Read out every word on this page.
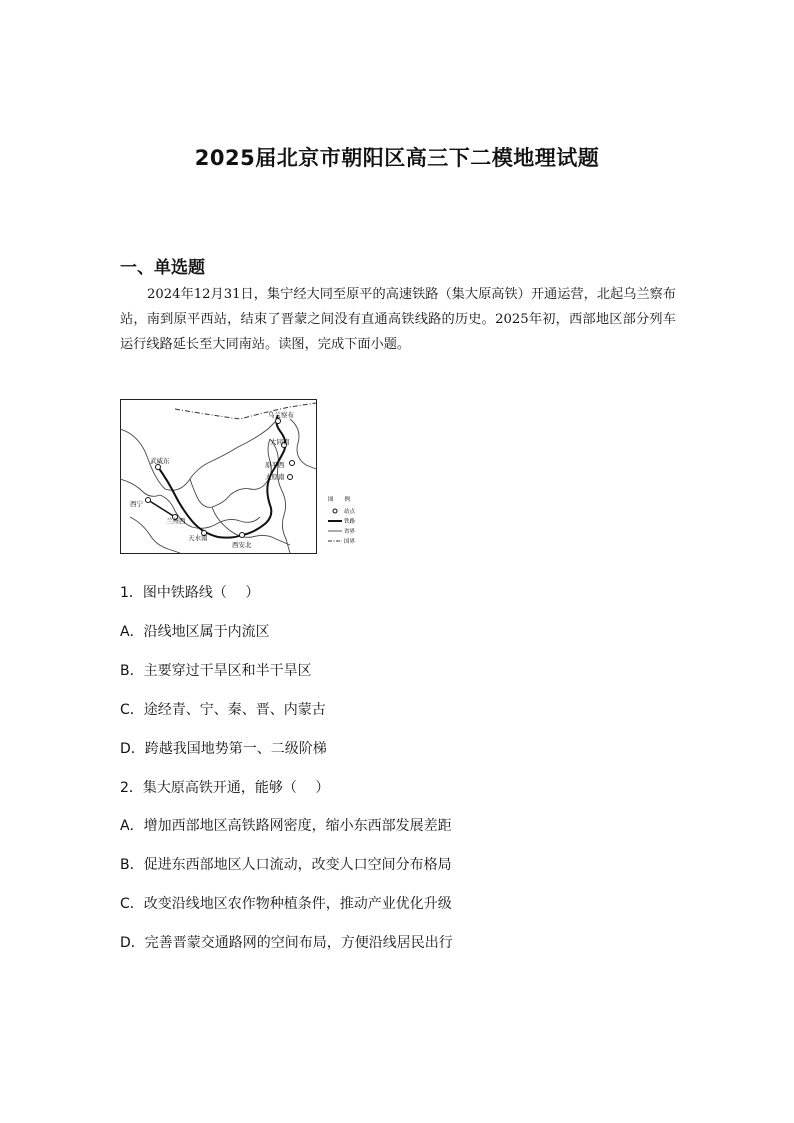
2025届北京市朝阳区高三下二模地理试题
一、单选题

2024年12月31日，集宁经大同至原平的高速铁路（集大原高铁）开通运营，北起乌兰察布站，南到原平西站，结束了晋蒙之间没有直通高铁线路的历史。2025年初，西部地区部分列车运行线路延长至大同南站。读图，完成下面小题。

乌兰察布
大同南
原平西
太原南
武威东
西宁
兰州西
天水南
西安北
图　　例
站点
铁路
省界
国界
1．图中铁路线（　 ）
A．沿线地区属于内流区
B．主要穿过干旱区和半干旱区
C．途经青、宁、秦、晋、内蒙古
D．跨越我国地势第一、二级阶梯
2．集大原高铁开通，能够（　 ）
A．增加西部地区高铁路网密度，缩小东西部发展差距
B．促进东西部地区人口流动，改变人口空间分布格局
C．改变沿线地区农作物种植条件，推动产业优化升级
D．完善晋蒙交通路网的空间布局，方便沿线居民出行
